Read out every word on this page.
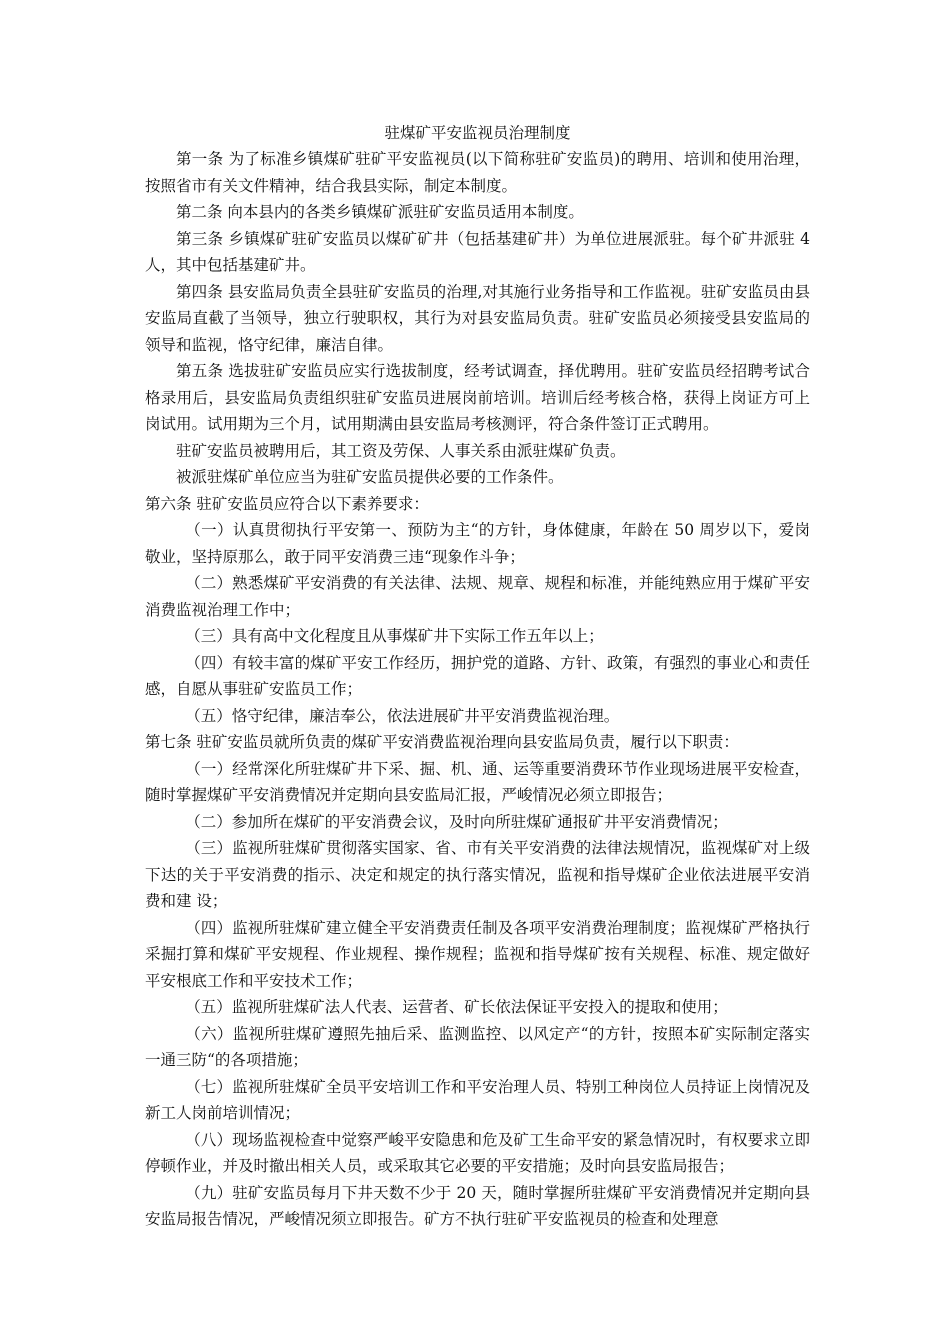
驻煤矿平安监视员治理制度

第一条 为了标准乡镇煤矿驻矿平安监视员(以下简称驻矿安监员)的聘用、培训和使用治理，按照省市有关文件精神，结合我县实际，制定本制度。

第二条 向本县内的各类乡镇煤矿派驻矿安监员适用本制度。

第三条 乡镇煤矿驻矿安监员以煤矿矿井（包括基建矿井）为单位进展派驻。每个矿井派驻 4 人，其中包括基建矿井。

第四条 县安监局负责全县驻矿安监员的治理,对其施行业务指导和工作监视。驻矿安监员由县安监局直截了当领导，独立行驶职权，其行为对县安监局负责。驻矿安监员必须接受县安监局的领导和监视，恪守纪律，廉洁自律。

第五条 选拔驻矿安监员应实行选拔制度，经考试调查，择优聘用。驻矿安监员经招聘考试合格录用后，县安监局负责组织驻矿安监员进展岗前培训。培训后经考核合格，获得上岗证方可上岗试用。试用期为三个月，试用期满由县安监局考核测评，符合条件签订正式聘用。

驻矿安监员被聘用后，其工资及劳保、人事关系由派驻煤矿负责。

被派驻煤矿单位应当为驻矿安监员提供必要的工作条件。

第六条 驻矿安监员应符合以下素养要求：

（一）认真贯彻执行平安第一、预防为主“的方针，身体健康，年龄在 50 周岁以下，爱岗敬业，坚持原那么，敢于同平安消费三违“现象作斗争；

（二）熟悉煤矿平安消费的有关法律、法规、规章、规程和标准，并能纯熟应用于煤矿平安消费监视治理工作中；

（三）具有高中文化程度且从事煤矿井下实际工作五年以上；

（四）有较丰富的煤矿平安工作经历，拥护党的道路、方针、政策，有强烈的事业心和责任感，自愿从事驻矿安监员工作；

（五）恪守纪律，廉洁奉公，依法进展矿井平安消费监视治理。

第七条 驻矿安监员就所负责的煤矿平安消费监视治理向县安监局负责，履行以下职责：

（一）经常深化所驻煤矿井下采、掘、机、通、运等重要消费环节作业现场进展平安检查，随时掌握煤矿平安消费情况并定期向县安监局汇报，严峻情况必须立即报告；

（二）参加所在煤矿的平安消费会议，及时向所驻煤矿通报矿井平安消费情况；

（三）监视所驻煤矿贯彻落实国家、省、市有关平安消费的法律法规情况，监视煤矿对上级下达的关于平安消费的指示、决定和规定的执行落实情况，监视和指导煤矿企业依法进展平安消费和建 设；

（四）监视所驻煤矿建立健全平安消费责任制及各项平安消费治理制度；监视煤矿严格执行采掘打算和煤矿平安规程、作业规程、操作规程；监视和指导煤矿按有关规程、标准、规定做好平安根底工作和平安技术工作；

（五）监视所驻煤矿法人代表、运营者、矿长依法保证平安投入的提取和使用；

（六）监视所驻煤矿遵照先抽后采、监测监控、以风定产“的方针，按照本矿实际制定落实一通三防“的各项措施；

（七）监视所驻煤矿全员平安培训工作和平安治理人员、特别工种岗位人员持证上岗情况及新工人岗前培训情况；

（八）现场监视检查中觉察严峻平安隐患和危及矿工生命平安的紧急情况时，有权要求立即停顿作业，并及时撤出相关人员，或采取其它必要的平安措施；及时向县安监局报告；

（九）驻矿安监员每月下井天数不少于 20 天，随时掌握所驻煤矿平安消费情况并定期向县安监局报告情况，严峻情况须立即报告。矿方不执行驻矿平安监视员的检查和处理意
